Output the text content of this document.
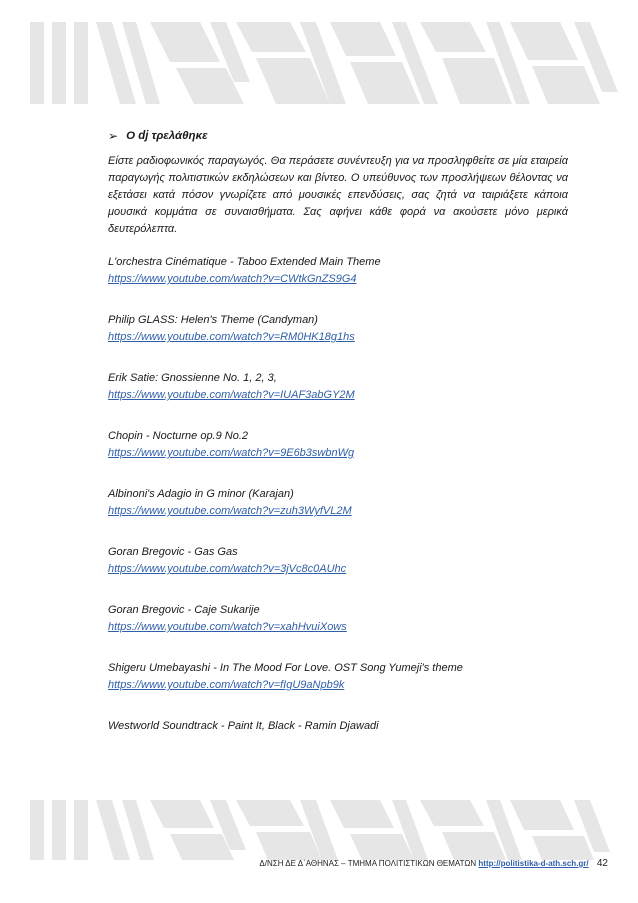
➢ Ο dj τρελάθηκε

Είστε ραδιοφωνικός παραγωγός. Θα περάσετε συνέντευξη για να προσληφθείτε σε μία εταιρεία παραγωγής πολιτιστικών εκδηλώσεων και βίντεο. Ο υπεύθυνος των προσλήψεων θέλοντας να εξετάσει κατά πόσον γνωρίζετε από μουσικές επενδύσεις, σας ζητά να ταιριάξετε κάποια μουσικά κομμάτια σε συναισθήματα. Σας αφήνει κάθε φορά να ακούσετε μόνο μερικά δευτερόλεπτα.

L'orchestra Cinématique - Taboo Extended Main Theme
https://www.youtube.com/watch?v=CWtkGnZS9G4
Philip GLASS: Helen's Theme (Candyman)
https://www.youtube.com/watch?v=RM0HK18g1hs
Erik Satie: Gnossienne No. 1, 2, 3,
https://www.youtube.com/watch?v=IUAF3abGY2M
Chopin - Nocturne op.9 No.2
https://www.youtube.com/watch?v=9E6b3swbnWg
Albinoni's Adagio in G minor (Karajan)
https://www.youtube.com/watch?v=zuh3WyfVL2M
Goran Bregovic - Gas Gas
https://www.youtube.com/watch?v=3jVc8c0AUhc
Goran Bregovic - Caje Sukarije
https://www.youtube.com/watch?v=xahHvuiXows
Shigeru Umebayashi - In The Mood For Love. OST Song Yumeji's theme
https://www.youtube.com/watch?v=fIgU9aNpb9k
Westworld Soundtrack - Paint It, Black - Ramin Djawadi
Δ/ΝΣΗ ΔΕ Δ΄ΑΘΗΝΑΣ – ΤΜΗΜΑ ΠΟΛΙΤΙΣΤΙΚΩΝ ΘΕΜΑΤΩΝ http://politistika-d-ath.sch.gr/ 42
